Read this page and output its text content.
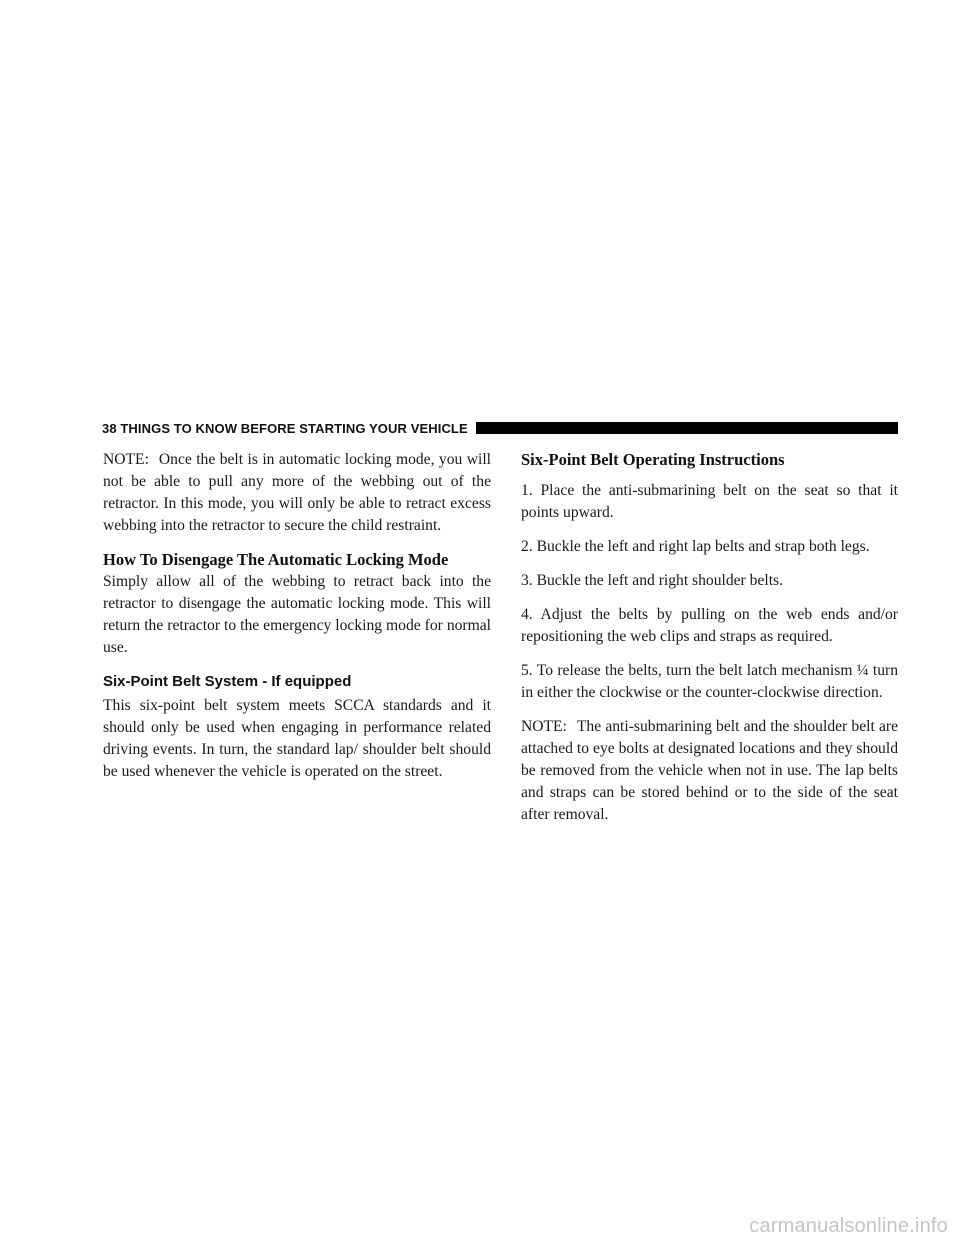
38 THINGS TO KNOW BEFORE STARTING YOUR VEHICLE

NOTE: Once the belt is in automatic locking mode, you will not be able to pull any more of the webbing out of the retractor. In this mode, you will only be able to retract excess webbing into the retractor to secure the child restraint.

How To Disengage The Automatic Locking Mode

Simply allow all of the webbing to retract back into the retractor to disengage the automatic locking mode. This will return the retractor to the emergency locking mode for normal use.

Six-Point Belt System - If equipped

This six-point belt system meets SCCA standards and it should only be used when engaging in performance related driving events. In turn, the standard lap/ shoulder belt should be used whenever the vehicle is operated on the street.

Six-Point Belt Operating Instructions

1. Place the anti-submarining belt on the seat so that it points upward.

2. Buckle the left and right lap belts and strap both legs.

3. Buckle the left and right shoulder belts.

4. Adjust the belts by pulling on the web ends and/or repositioning the web clips and straps as required.

5. To release the belts, turn the belt latch mechanism ¼ turn in either the clockwise or the counter-clockwise direction.

NOTE: The anti-submarining belt and the shoulder belt are attached to eye bolts at designated locations and they should be removed from the vehicle when not in use. The lap belts and straps can be stored behind or to the side of the seat after removal.

carmanualsonline.info
